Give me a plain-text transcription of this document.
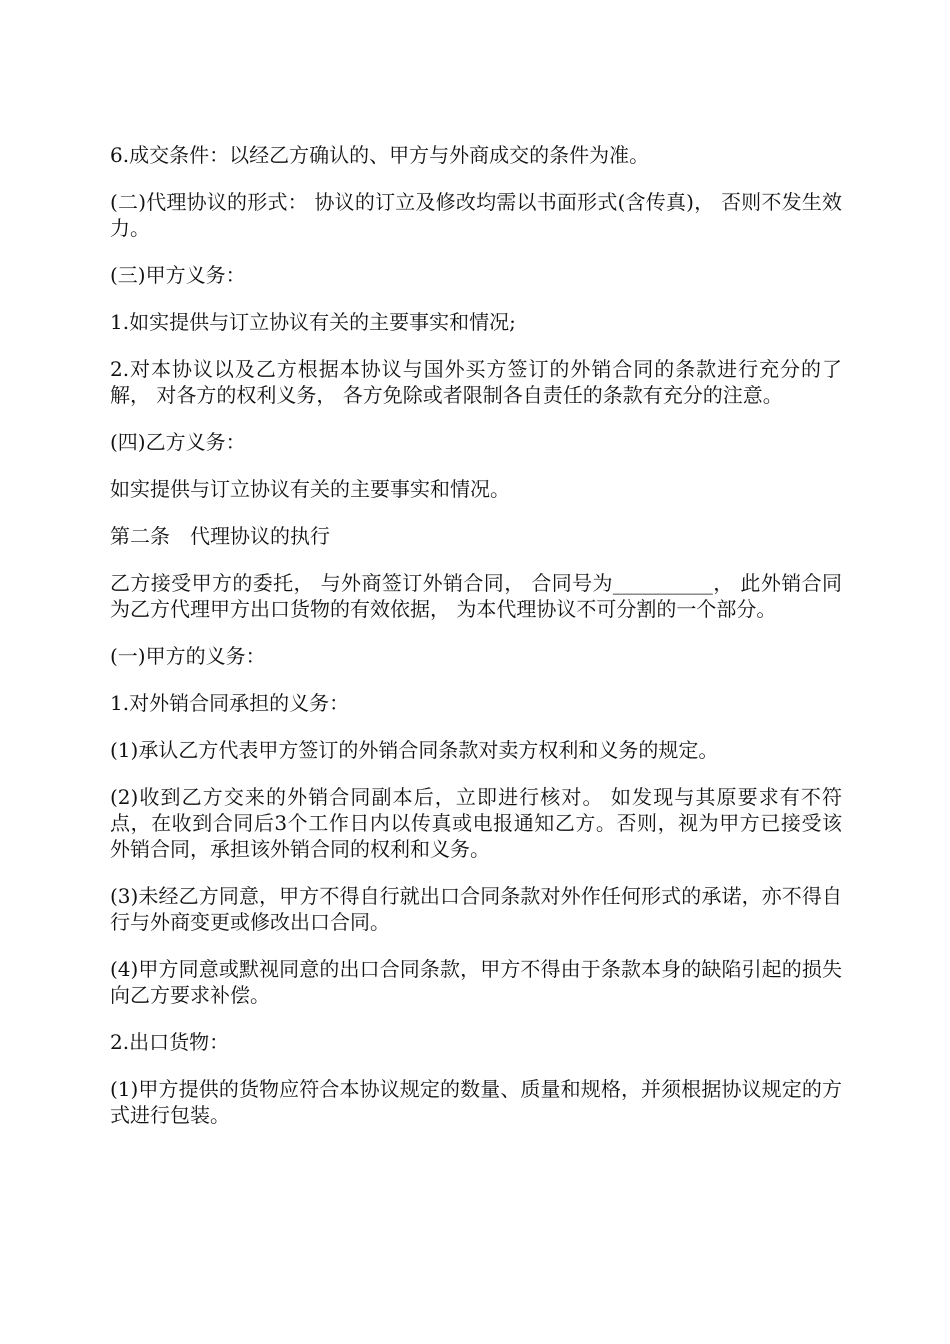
6.成交条件：以经乙方确认的、甲方与外商成交的条件为准。

(二)代理协议的形式： 协议的订立及修改均需以书面形式(含传真)， 否则不发生效力。

(三)甲方义务：

1.如实提供与订立协议有关的主要事实和情况;

2.对本协议以及乙方根据本协议与国外买方签订的外销合同的条款进行充分的了解， 对各方的权利义务， 各方免除或者限制各自责任的条款有充分的注意。

(四)乙方义务：

如实提供与订立协议有关的主要事实和情况。

第二条　代理协议的执行

乙方接受甲方的委托， 与外商签订外销合同， 合同号为__________， 此外销合同为乙方代理甲方出口货物的有效依据， 为本代理协议不可分割的一个部分。

(一)甲方的义务：

1.对外销合同承担的义务：

(1)承认乙方代表甲方签订的外销合同条款对卖方权利和义务的规定。

(2)收到乙方交来的外销合同副本后，立即进行核对。 如发现与其原要求有不符点，在收到合同后3个工作日内以传真或电报通知乙方。否则，视为甲方已接受该外销合同，承担该外销合同的权利和义务。

(3)未经乙方同意，甲方不得自行就出口合同条款对外作任何形式的承诺，亦不得自行与外商变更或修改出口合同。

(4)甲方同意或默视同意的出口合同条款，甲方不得由于条款本身的缺陷引起的损失向乙方要求补偿。

2.出口货物：

(1)甲方提供的货物应符合本协议规定的数量、质量和规格，并须根据协议规定的方式进行包装。
